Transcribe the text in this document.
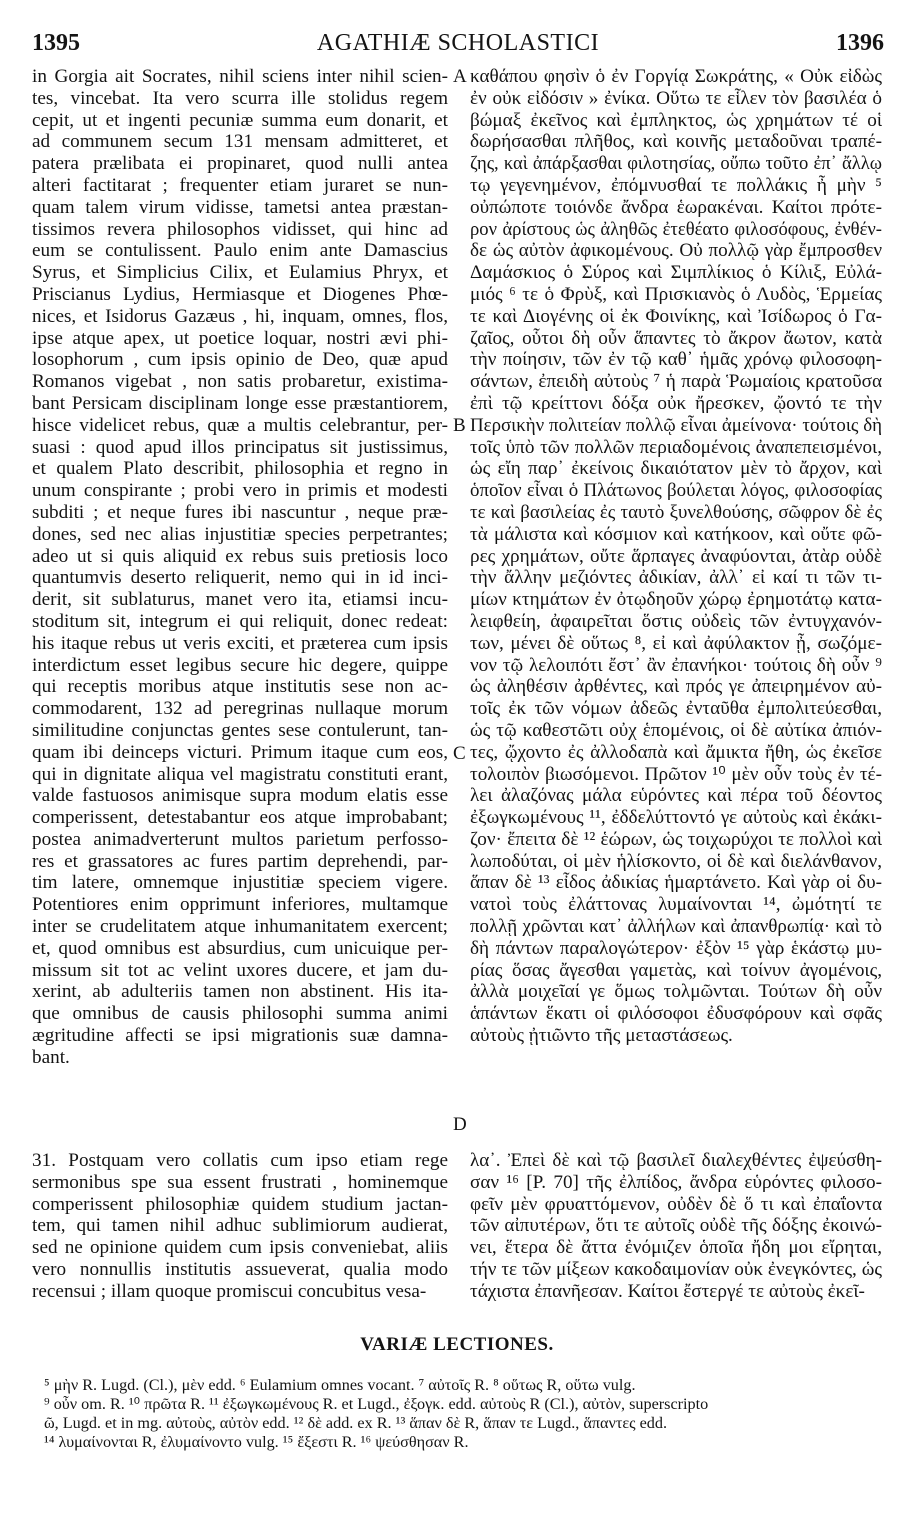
1395	AGATHIÆ SCHOLASTICI	1396
in Gorgia ait Socrates, nihil sciens inter nihil scien-
tes, vincebat. Ita vero scurra ille stolidus regem
cepit, ut et ingenti pecuniæ summa eum donarit, et
ad communem secum 131 mensam admitteret, et
patera prælibata ei propinaret, quod nulli antea
alteri factitarat ; frequenter etiam juraret se nun-
quam talem virum vidisse, tametsi antea præstan-
tissimos revera philosophos vidisset, qui hinc ad
eum se contulissent. Paulo enim ante Damascius
Syrus, et Simplicius Cilix, et Eulamius Phryx, et
Priscianus Lydius, Hermiasque et Diogenes Phœ-
nices, et Isidorus Gazæus , hi, inquam, omnes, flos,
ipse atque apex, ut poetice loquar, nostri ævi phi-
losophorum , cum ipsis opinio de Deo, quæ apud
Romanos vigebat , non satis probaretur, existima-
bant Persicam disciplinam longe esse præstantiorem,
hisce videlicet rebus, quæ a multis celebrantur, per-
suasi : quod apud illos principatus sit justissimus,
et qualem Plato describit, philosophia et regno in
unum conspirante ; probi vero in primis et modesti
subditi ; et neque fures ibi nascuntur , neque præ-
dones, sed nec alias injustitiæ species perpetrantes;
adeo ut si quis aliquid ex rebus suis pretiosis loco
quantumvis deserto reliquerit, nemo qui in id inci-
derit, sit sublaturus, manet vero ita, etiamsi incu-
stoditum sit, integrum ei qui reliquit, donec redeat:
his itaque rebus ut veris exciti, et præterea cum ipsis
interdictum esset legibus secure hic degere, quippe
qui receptis moribus atque institutis sese non ac-
commodarent, 132 ad peregrinas nullaque morum
similitudine conjunctas gentes sese contulerunt, tan-
quam ibi deinceps victuri. Primum itaque cum eos,
qui in dignitate aliqua vel magistratu constituti erant,
valde fastuosos animisque supra modum elatis esse
comperissent, detestabantur eos atque improbabant;
postea animadverterunt multos parietum perfosso-
res et grassatores ac fures partim deprehendi, par-
tim latere, omnemque injustitiæ speciem vigere.
Potentiores enim opprimunt inferiores, multamque
inter se crudelitatem atque inhumanitatem exercent;
et, quod omnibus est absurdius, cum unicuique per-
missum sit tot ac velint uxores ducere, et jam du-
xerint, ab adulteriis tamen non abstinent. His ita-
que omnibus de causis philosophi summa animi
ægritudine affecti se ipsi migrationis suæ damna-
bant.
καθάπου φησὶν ὁ ἐν Γοργίᾳ Σωκράτης, « Οὐκ εἰδὼς
ἐν οὐκ εἰδόσιν » ἐνίκα. Οὕτω τε εἷλεν τὸν βασιλέα ὁ
βώμαξ ἐκεῖνος καὶ ἐμπληκτος, ὡς χρημάτων τέ οἱ
δωρήσασθαι πλῆθος, καὶ κοινῆς μεταδοῦναι τραπέ-
ζης, καὶ ἀπάρξασθαι φιλοτησίας, οὔπω τοῦτο ἐπ᾿ ἄλλῳ
τῳ γεγενημένον, ἐπόμνυσθαί τε πολλάκις ἦ μὴν ⁵
οὐπώποτε τοιόνδε ἄνδρα ἑωρακέναι. Καίτοι πρότε-
ρον ἀρίστους ὡς ἀληθῶς ἐτεθέατο φιλοσόφους, ἐνθέν-
δε ὡς αὐτὸν ἀφικομένους. Οὐ πολλῷ γὰρ ἔμπροσθεν
Δαμάσκιος ὁ Σύρος καὶ Σιμπλίκιος ὁ Κίλιξ, Εὐλά-
μιός ⁶ τε ὁ Φρὺξ, καὶ Πρισκιανὸς ὁ Λυδὸς, Ἑρμείας
τε καὶ Διογένης οἱ ἐκ Φοινίκης, καὶ Ἰσίδωρος ὁ Γα-
ζαῖος, οὗτοι δὴ οὖν ἅπαντες τὸ ἄκρον ἄωτον, κατὰ
τὴν ποίησιν, τῶν ἐν τῷ καθ᾿ ἡμᾶς χρόνῳ φιλοσοφη-
σάντων, ἐπειδὴ αὐτοὺς ⁷ ἡ παρὰ Ῥωμαίοις κρατοῦσα
ἐπὶ τῷ κρείττονι δόξα οὐκ ἤρεσκεν, ᾤοντό τε τὴν
Περσικὴν πολιτείαν πολλῷ εἶναι ἀμείνονα· τούτοις δὴ
τοῖς ὑπὸ τῶν πολλῶν περιαδομένοις ἀναπεπεισμένοι,
ὡς εἴη παρ᾿ ἐκείνοις δικαιότατον μὲν τὸ ἄρχον, καὶ
ὁποῖον εἶναι ὁ Πλάτωνος βούλεται λόγος, φιλοσοφίας
τε καὶ βασιλείας ἐς ταυτὸ ξυνελθούσης, σῶφρον δὲ ἐς
τὰ μάλιστα καὶ κόσμιον καὶ κατήκοον, καὶ οὔτε φῶ-
ρες χρημάτων, οὔτε ἅρπαγες ἀναφύονται, ἀτὰρ οὐδὲ
τὴν ἄλλην μεζιόντες ἀδικίαν, ἀλλ᾿ εἰ καί τι τῶν τι-
μίων κτημάτων ἐν ὀτῳδηοῦν χώρῳ ἐρημοτάτῳ κατα-
λειφθείη, ἀφαιρεῖται ὅστις οὐδεὶς τῶν ἐντυγχανόν-
των, μένει δὲ οὕτως ⁸, εἰ καὶ ἀφύλακτον ᾖ, σωζόμε-
νον τῷ λελοιπότι ἔστ᾿ ἂν ἐπανήκοι· τούτοις δὴ οὖν ⁹
ὡς ἀληθέσιν ἀρθέντες, καὶ πρός γε ἀπειρημένον αὐ-
τοῖς ἐκ τῶν νόμων ἀδεῶς ἐνταῦθα ἐμπολιτεύεσθαι,
ὡς τῷ καθεστῶτι οὐχ ἑπομένοις, οἱ δὲ αὐτίκα ἀπιόν-
τες, ᾤχοντο ἐς ἀλλοδαπὰ καὶ ἄμικτα ἤθη, ὡς ἐκεῖσε
τολοιπὸν βιωσόμενοι. Πρῶτον ¹⁰ μὲν οὖν τοὺς ἐν τέ-
λει ἀλαζόνας μάλα εὑρόντες καὶ πέρα τοῦ δέοντος
ἐξωγκωμένους ¹¹, ἐδδελύττοντό γε αὐτοὺς καὶ ἐκάκι-
ζον· ἔπειτα δὲ ¹² ἑώρων, ὡς τοιχωρύχοι τε πολλοὶ καὶ
λωποδύται, οἱ μὲν ἡλίσκοντο, οἱ δὲ καὶ διελάνθανον,
ἅπαν δὲ ¹³ εἶδος ἀδικίας ἡμαρτάνετο. Καὶ γὰρ οἱ δυ-
νατοὶ τοὺς ἐλάττονας λυμαίνονται ¹⁴, ὠμότητί τε
πολλῇ χρῶνται κατ᾿ ἀλλήλων καὶ ἀπανθρωπίᾳ· καὶ τὸ
δὴ πάντων παραλογώτερον· ἐξὸν ¹⁵ γὰρ ἑκάστῳ μυ-
ρίας ὅσας ἄγεσθαι γαμετὰς, καὶ τοίνυν ἀγομένοις,
ἀλλὰ μοιχεῖαί γε ὅμως τολμῶνται. Τούτων δὴ οὖν
ἁπάντων ἕκατι οἱ φιλόσοφοι ἐδυσφόρουν καὶ σφᾶς
αὐτοὺς ᾐτιῶντο τῆς μεταστάσεως.
A
B
C
D
31. Postquam vero collatis cum ipso etiam rege
sermonibus spe sua essent frustrati , hominemque
comperissent philosophiæ quidem studium jactan-
tem, qui tamen nihil adhuc sublimiorum audierat,
sed ne opinione quidem cum ipsis conveniebat, aliis
vero nonnullis institutis assueverat, qualia modo
recensui ; illam quoque promiscui concubitus vesa-
λα᾿. Ἐπεὶ δὲ καὶ τῷ βασιλεῖ διαλεχθέντες ἐψεύσθη-
σαν ¹⁶ [P. 70] τῆς ἐλπίδος, ἄνδρα εὑρόντες φιλοσο-
φεῖν μὲν φρυαττόμενον, οὐδὲν δὲ ὅ τι καὶ ἐπαΐοντα
τῶν αἰπυτέρων, ὅτι τε αὐτοῖς οὐδὲ τῆς δόξης ἐκοινώ-
νει, ἕτερα δὲ ἄττα ἐνόμιζεν ὁποῖα ἤδη μοι εἴρηται,
τήν τε τῶν μίξεων κακοδαιμονίαν οὐκ ἐνεγκόντες, ὡς
τάχιστα ἐπανῆεσαν. Καίτοι ἔστεργέ τε αὐτοὺς ἐκεῖ-
VARIÆ LECTIONES.
⁵ μὴν R. Lugd. (Cl.), μὲν edd. ⁶ Eulamium omnes vocant. ⁷ αὐτοῖς R. ⁸ οὕτως R, οὕτω vulg.
⁹ οὖν om. R. ¹⁰ πρῶτα R. ¹¹ ἐξωγκωμένους R. et Lugd., ἐξογκ. edd. αὐτοὺς R (Cl.), αὐτὸν, superscripto
ῶ, Lugd. et in mg. αὐτοὺς, αὐτὸν edd. ¹² δὲ add. ex R. ¹³ ἅπαν δὲ R, ἅπαν τε Lugd., ἅπαντες edd.
¹⁴ λυμαίνονται R, ἐλυμαίνοντο vulg. ¹⁵ ἔξεστι R. ¹⁶ ψεύσθησαν R.
